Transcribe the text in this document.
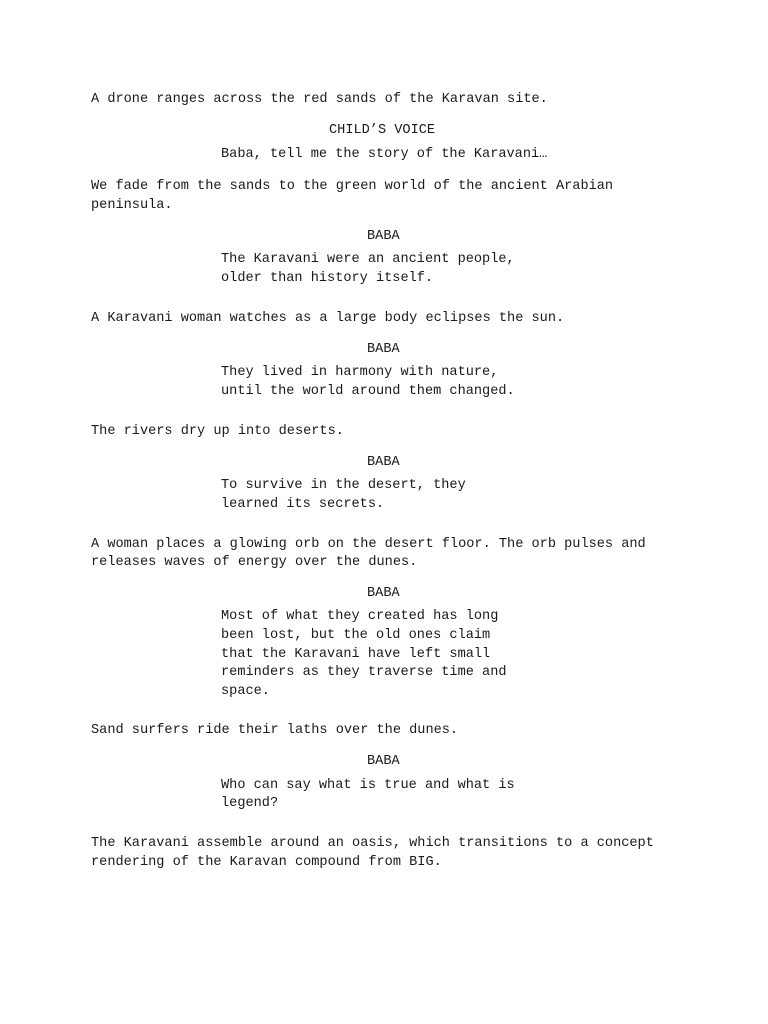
A drone ranges across the red sands of the Karavan site.
CHILD’S VOICE
Baba, tell me the story of the Karavani…
We fade from the sands to the green world of the ancient Arabian
peninsula.
BABA
The Karavani were an ancient people,
older than history itself.
A Karavani woman watches as a large body eclipses the sun.
BABA
They lived in harmony with nature,
until the world around them changed.
The rivers dry up into deserts.
BABA
To survive in the desert, they
learned its secrets.
A woman places a glowing orb on the desert floor. The orb pulses and
releases waves of energy over the dunes.
BABA
Most of what they created has long
been lost, but the old ones claim
that the Karavani have left small
reminders as they traverse time and
space.
Sand surfers ride their laths over the dunes.
BABA
Who can say what is true and what is
legend?
The Karavani assemble around an oasis, which transitions to a concept
rendering of the Karavan compound from BIG.
